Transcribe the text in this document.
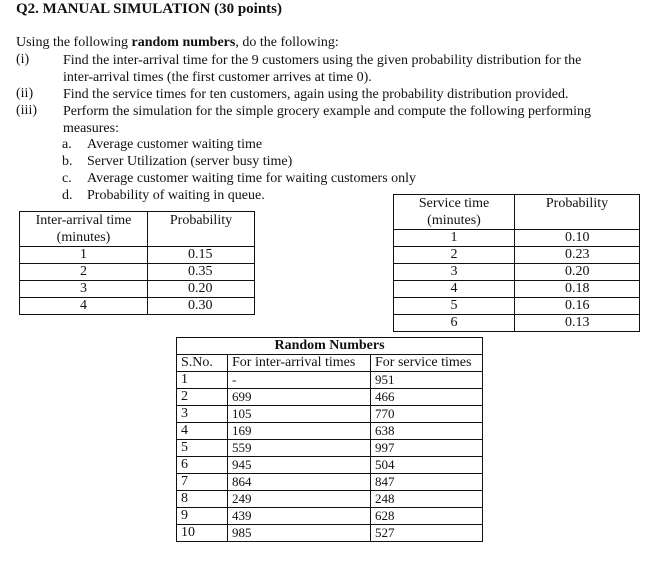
Q2. MANUAL SIMULATION (30 points)
Using the following random numbers, do the following:
(i) Find the inter-arrival time for the 9 customers using the given probability distribution for the
inter-arrival times (the first customer arrives at time 0).
(ii) Find the service times for ten customers, again using the probability distribution provided.
(iii) Perform the simulation for the simple grocery example and compute the following performing
measures:
a. Average customer waiting time
b. Server Utilization (server busy time)
c. Average customer waiting time for waiting customers only
d. Probability of waiting in queue.
Inter-arrival time
(minutes)	Probability
1	0.15
2	0.35
3	0.20
4	0.30
Service time
(minutes)	Probability
1	0.10
2	0.23
3	0.20
4	0.18
5	0.16
6	0.13
Random Numbers		
S.No.	For inter-arrival times	For service times
1	-	951
2	699	466
3	105	770
4	169	638
5	559	997
6	945	504
7	864	847
8	249	248
9	439	628
10	985	527
